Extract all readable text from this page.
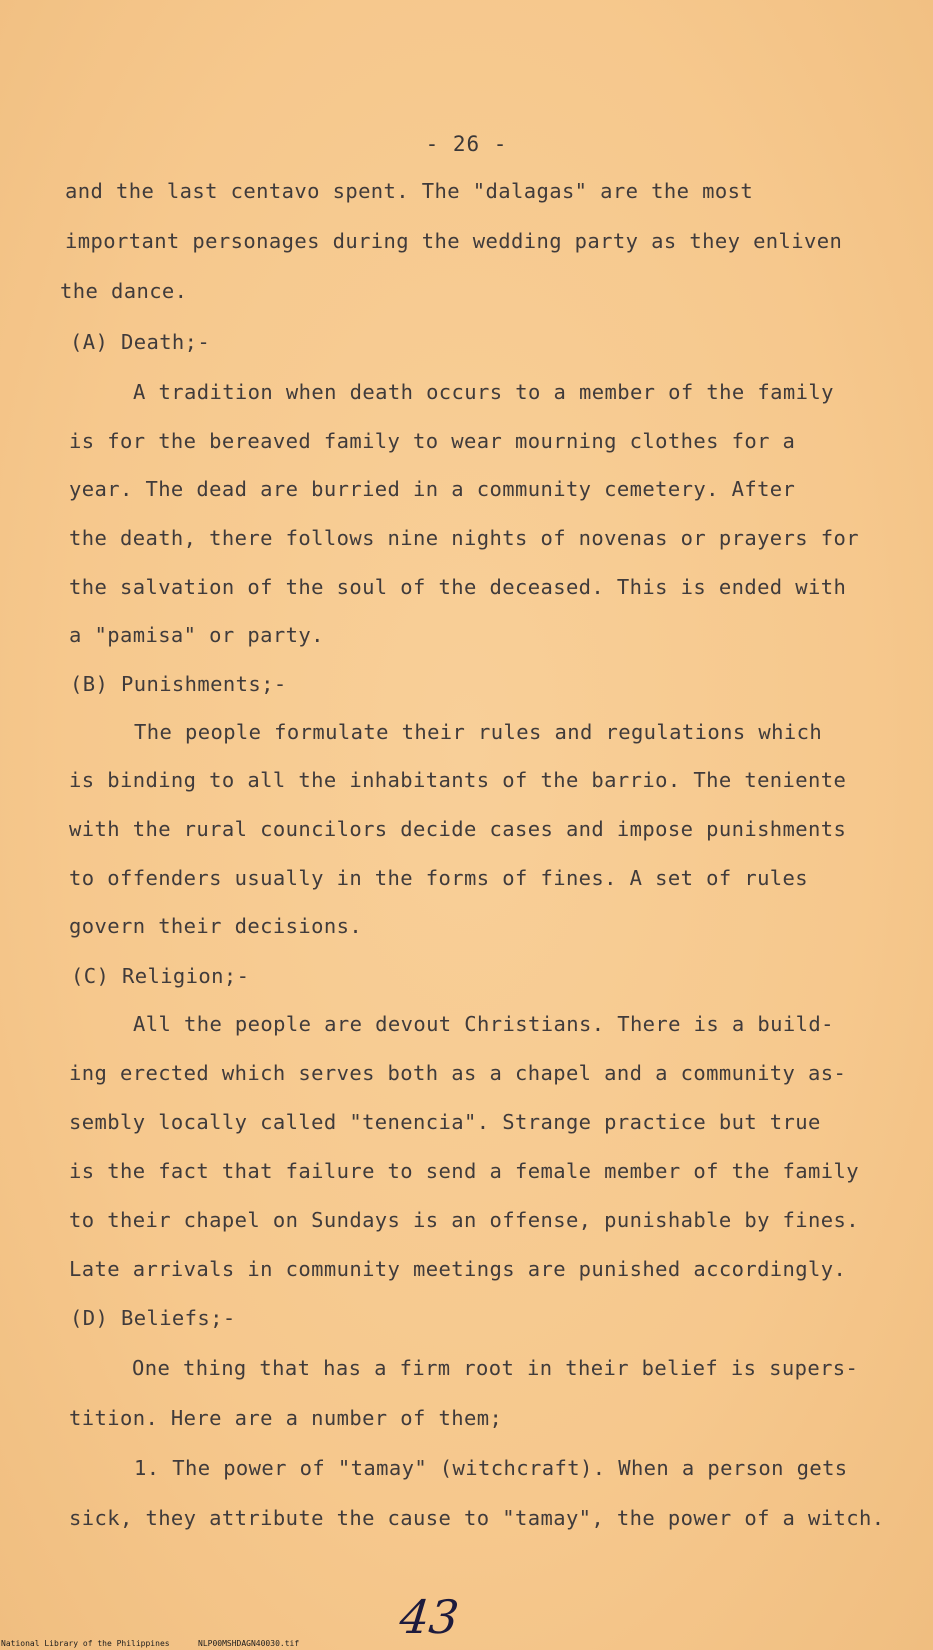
- 26 -
and the last centavo spent. The "dalagas" are the most
important personages during the wedding party as they enliven
the dance.
(A) Death;-
A tradition when death occurs to a member of the family
is for the bereaved family to wear mourning clothes for a
year. The dead are burried in a community cemetery. After
the death, there follows nine nights of novenas or prayers for
the salvation of the soul of the deceased. This is ended with
a "pamisa" or party.
(B) Punishments;-
The people formulate their rules and regulations which
is binding to all the inhabitants of the barrio. The teniente
with the rural councilors decide cases and impose punishments
to offenders usually in the forms of fines. A set of rules
govern their decisions.
(C) Religion;-
All the people are devout Christians. There is a build-
ing erected which serves both as a chapel and a community as-
sembly locally called "tenencia". Strange practice but true
is the fact that failure to send a female member of the family
to their chapel on Sundays is an offense, punishable by fines.
Late arrivals in community meetings are punished accordingly.
(D) Beliefs;-
One thing that has a firm root in their belief is supers-
tition. Here are a number of them;
1. The power of "tamay" (witchcraft). When a person gets
sick, they attribute the cause to "tamay", the power of a witch.
43
National Library of the Philippines	NLP00MSHDAGN40030.tif
